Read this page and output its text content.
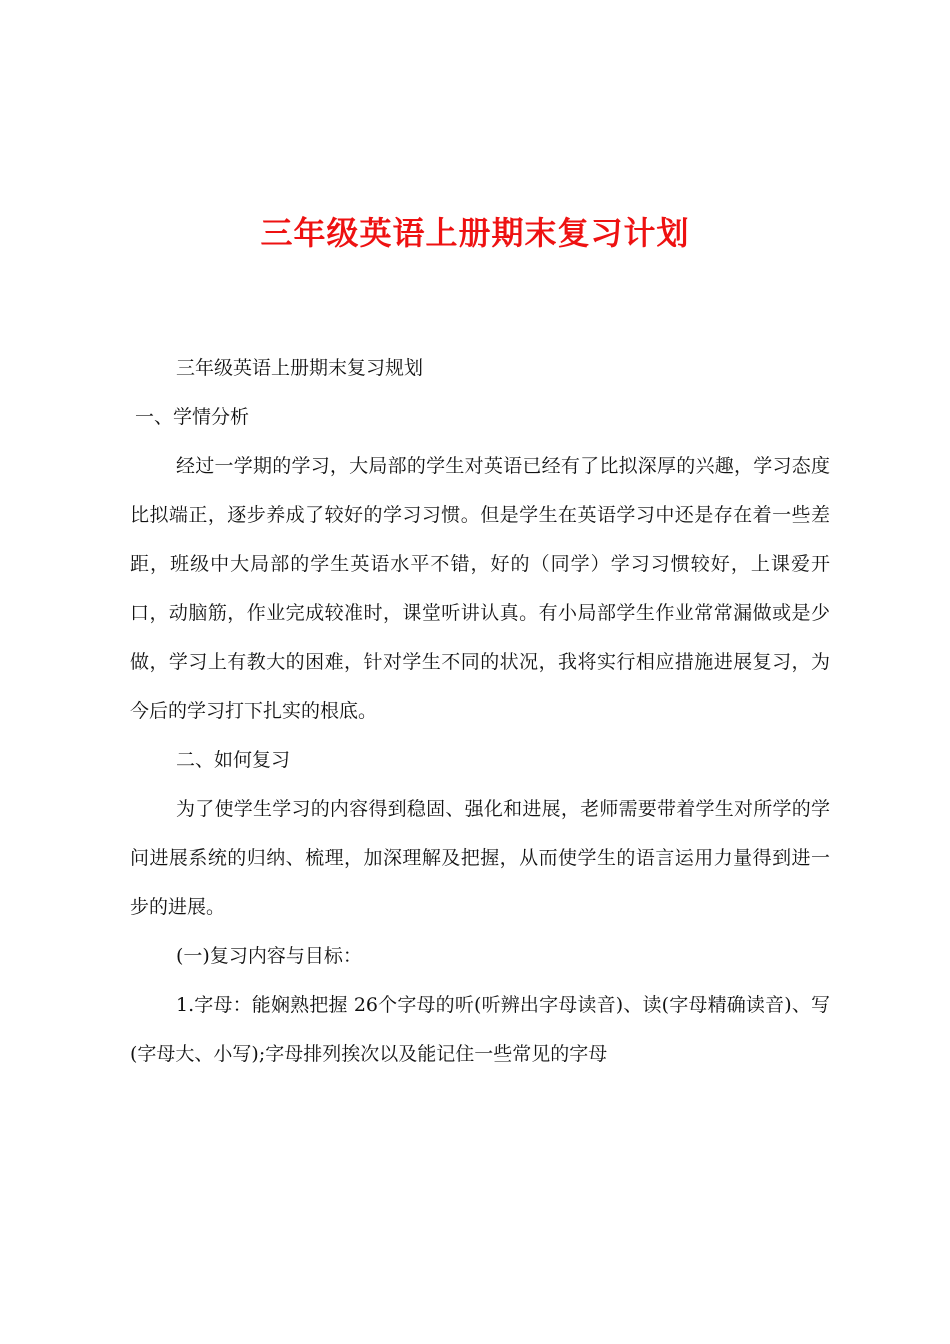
三年级英语上册期末复习计划

三年级英语上册期末复习规划

一、学情分析

经过一学期的学习，大局部的学生对英语已经有了比拟深厚的兴趣，学习态度比拟端正，逐步养成了较好的学习习惯。但是学生在英语学习中还是存在着一些差距，班级中大局部的学生英语水平不错，好的（同学）学习习惯较好，上课爱开口，动脑筋，作业完成较准时，课堂听讲认真。有小局部学生作业常常漏做或是少做，学习上有教大的困难，针对学生不同的状况，我将实行相应措施进展复习，为今后的学习打下扎实的根底。

二、如何复习

为了使学生学习的内容得到稳固、强化和进展，老师需要带着学生对所学的学问进展系统的归纳、梳理，加深理解及把握，从而使学生的语言运用力量得到进一步的进展。

(一)复习内容与目标：

1.字母：能娴熟把握 26个字母的听(听辨出字母读音)、读(字母精确读音)、写(字母大、小写);字母排列挨次以及能记住一些常见的字母
